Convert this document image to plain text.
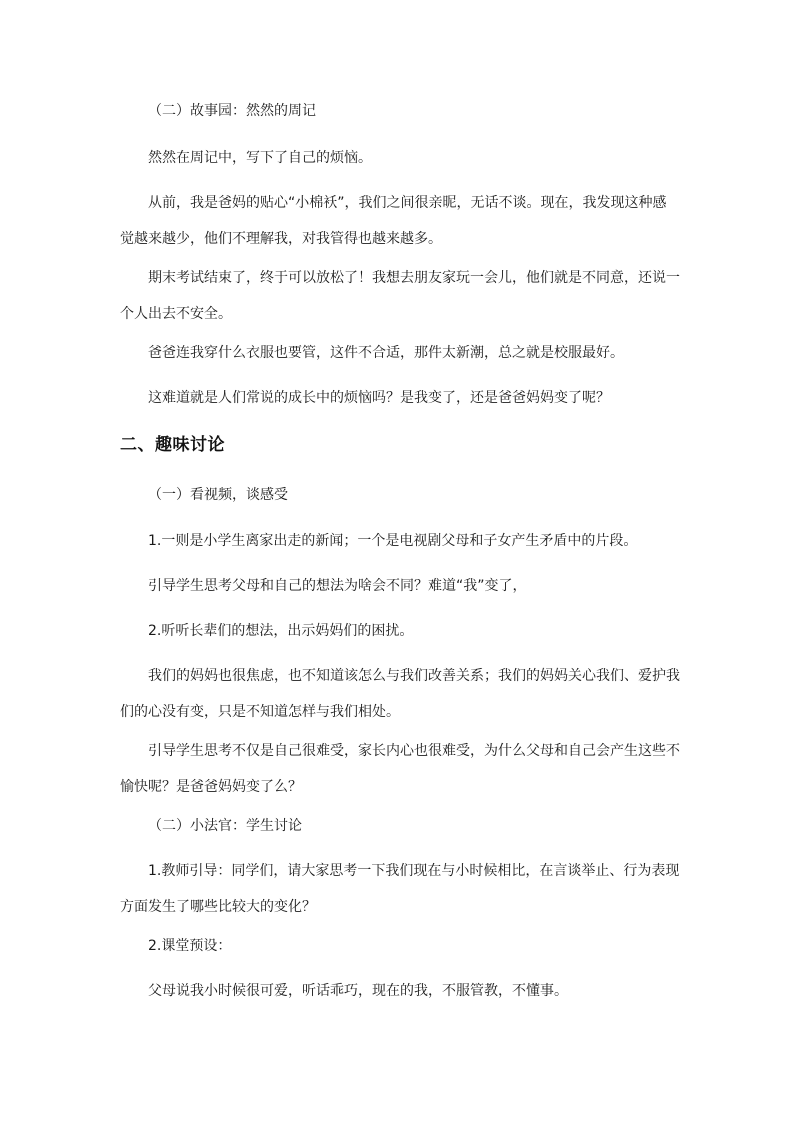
（二）故事园：然然的周记

然然在周记中，写下了自己的烦恼。

从前，我是爸妈的贴心“小棉袄”，我们之间很亲昵，无话不谈。现在，我发现这种感觉越来越少，他们不理解我，对我管得也越来越多。

期末考试结束了，终于可以放松了！我想去朋友家玩一会儿，他们就是不同意，还说一个人出去不安全。

爸爸连我穿什么衣服也要管，这件不合适，那件太新潮，总之就是校服最好。

这难道就是人们常说的成长中的烦恼吗？是我变了，还是爸爸妈妈变了呢？

二、趣味讨论

（一）看视频，谈感受

1.一则是小学生离家出走的新闻；一个是电视剧父母和子女产生矛盾中的片段。

引导学生思考父母和自己的想法为啥会不同？难道“我”变了，

2.听听长辈们的想法，出示妈妈们的困扰。

我们的妈妈也很焦虑，也不知道该怎么与我们改善关系；我们的妈妈关心我们、爱护我们的心没有变，只是不知道怎样与我们相处。

引导学生思考不仅是自己很难受，家长内心也很难受，为什么父母和自己会产生这些不愉快呢？是爸爸妈妈变了么？

（二）小法官：学生讨论

1.教师引导：同学们，请大家思考一下我们现在与小时候相比，在言谈举止、行为表现方面发生了哪些比较大的变化？

2.课堂预设：

父母说我小时候很可爱，听话乖巧，现在的我，不服管教，不懂事。
